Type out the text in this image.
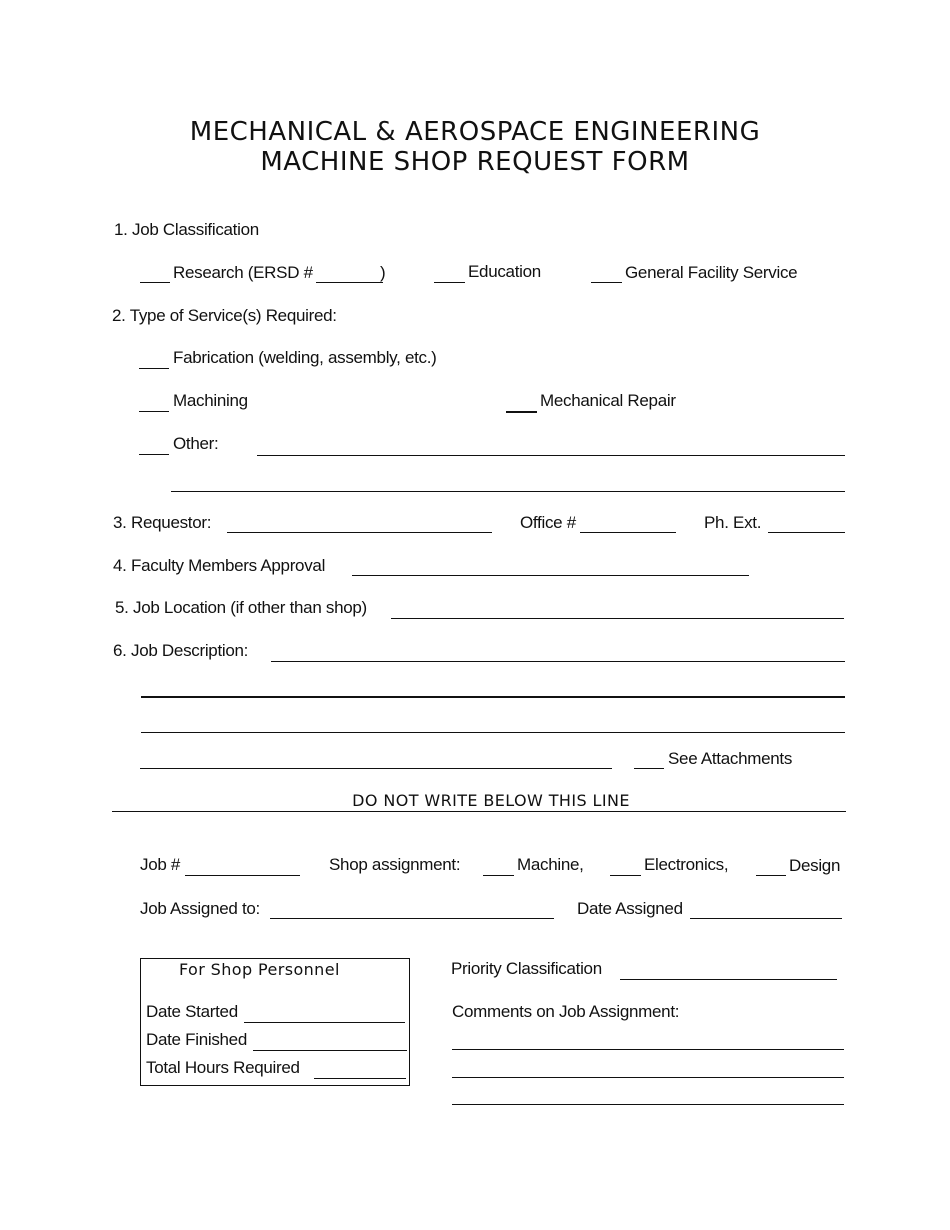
MECHANICAL & AEROSPACE ENGINEERING
MACHINE SHOP REQUEST FORM
1. Job Classification
Research (ERSD #	)	Education	General Facility Service
2. Type of Service(s) Required:
Fabrication (welding, assembly, etc.)
Machining	Mechanical Repair
Other:
3. Requestor:	Office #	Ph. Ext.
4. Faculty Members Approval
5. Job Location (if other than shop)
6. Job Description:
See Attachments
DO NOT WRITE BELOW THIS LINE
Job #	Shop assignment:	Machine,	Electronics,	Design
Job Assigned to:	Date Assigned
For Shop Personnel
Date Started
Date Finished
Total Hours Required
Priority Classification
Comments on Job Assignment:
